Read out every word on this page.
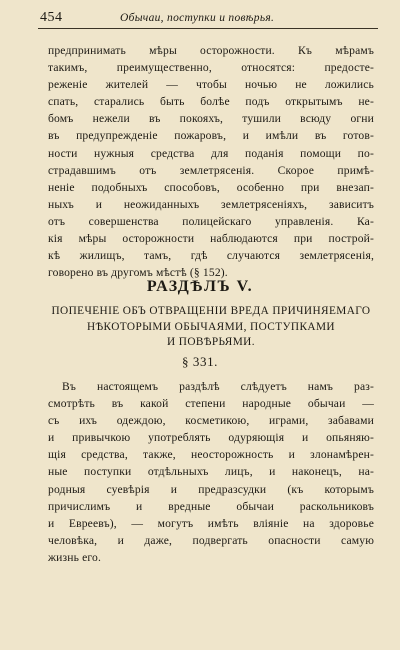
454	Обычаи, поступки и повѣрья.
предпринимать мѣры осторожности. Къ мѣрамъ
такимъ, преимущественно, относятся: предосте-
реженіе жителей — чтобы ночью не ложились
спать, старались быть болѣе подъ открытымъ не-
бомъ нежели въ покояхъ, тушили всюду огни
въ предупрежденіе пожаровъ, и имѣли въ готов-
ности нужныя средства для поданія помощи по-
страдавшимъ отъ землетрясенія. Скорое примѣ-
неніе подобныхъ способовъ, особенно при внезап-
ныхъ и неожиданныхъ землетрясеніяхъ, зависитъ
отъ совершенства полицейскаго управленія. Ка-
кія мѣры осторожности наблюдаются при построй-
кѣ жилищъ, тамъ, гдѣ случаются землетрясенія,
говорено въ другомъ мѣстѣ (§ 152).
РАЗДѢЛЪ V.
ПОПЕЧЕНІЕ ОБЪ ОТВРАЩЕНІИ ВРЕДА ПРИЧИНЯЕМАГО
НѢКОТОРЫМИ ОБЫЧАЯМИ, ПОСТУПКАМИ
И ПОВѢРЬЯМИ.
§ 331.
Въ настоящемъ раздѣлѣ слѣдуетъ намъ раз-
смотрѣть въ какой степени народные обычаи —
съ ихъ одеждою, косметикою, играми, забавами
и привычкою употреблять одуряющія и опьяняю-
щія средства, также, неосторожность и злонамѣрен-
ные поступки отдѣльныхъ лицъ, и наконецъ, на-
родныя суевѣрія и предразсудки (къ которымъ
причислимъ и вредные обычаи раскольниковъ
и Евреевъ), — могутъ имѣть вліяніе на здоровье
человѣка, и даже, подвергать опасности самую
жизнь его.
